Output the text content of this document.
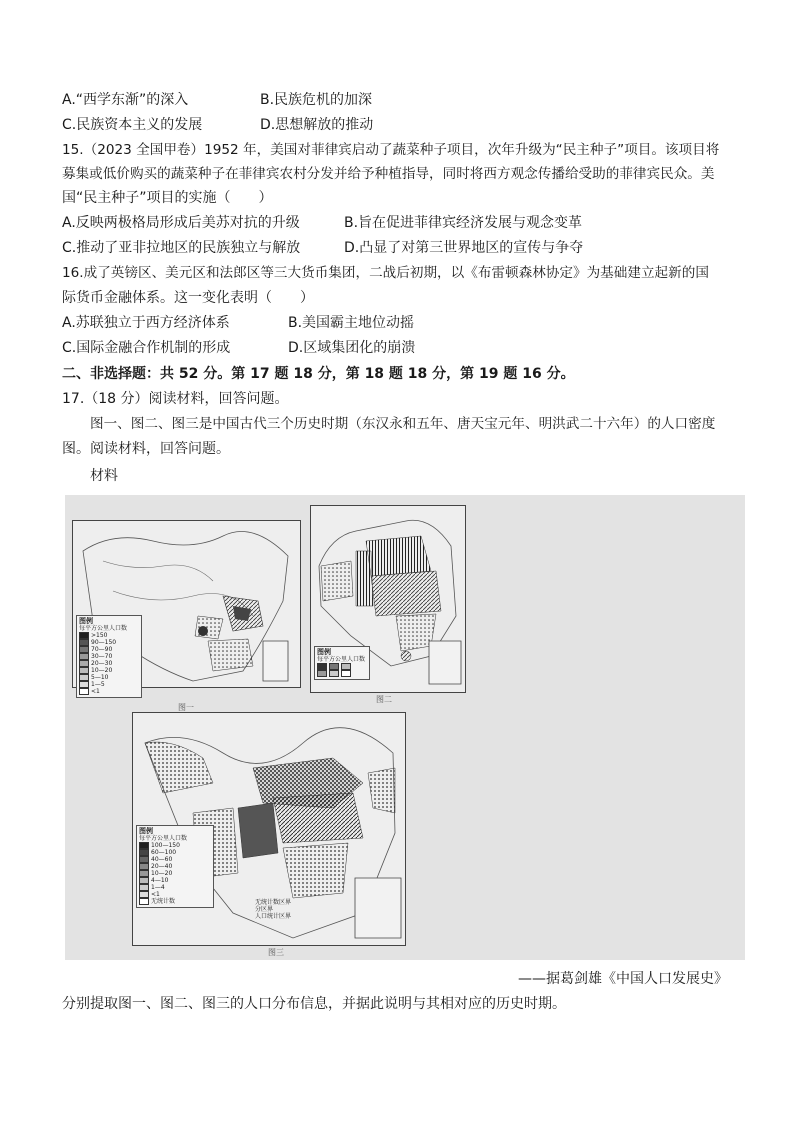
A.“西学东渐”的深入	B.民族危机的加深
C.民族资本主义的发展	D.思想解放的推动
15.（2023 全国甲卷）1952 年，美国对菲律宾启动了蔬菜种子项目，次年升级为“民主种子”项目。该项目将
募集或低价购买的蔬菜种子在菲律宾农村分发并给予种植指导，同时将西方观念传播给受助的菲律宾民众。美
国“民主种子”项目的实施（　　）
A.反映两极格局形成后美苏对抗的升级	B.旨在促进菲律宾经济发展与观念变革
C.推动了亚非拉地区的民族独立与解放	D.凸显了对第三世界地区的宣传与争夺
16.成了英镑区、美元区和法郎区等三大货币集团，二战后初期，以《布雷顿森林协定》为基础建立起新的国
际货币金融体系。这一变化表明（　　）
A.苏联独立于西方经济体系	B.美国霸主地位动摇
C.国际金融合作机制的形成	D.区域集团化的崩溃
二、非选择题：共 52 分。第 17 题 18 分，第 18 题 18 分，第 19 题 16 分。
17.（18 分）阅读材料，回答问题。
图一、图二、图三是中国古代三个历史时期（东汉永和五年、唐天宝元年、明洪武二十六年）的人口密度
图。阅读材料，回答问题。
材料
图例
每平方公里人口数
>150
90—150
70—90
30—70
20—30
10—20
5—10
1—5
<1
图一
图例
每平方公里人口数
图二
图例
每平方公里人口数
100—150
60—100
40—60
20—40
10—20
4—10
1—4
<1
无统计数	无统计数区界
分区界
人口统计区界
图三
——据葛剑雄《中国人口发展史》
分别提取图一、图二、图三的人口分布信息，并据此说明与其相对应的历史时期。
